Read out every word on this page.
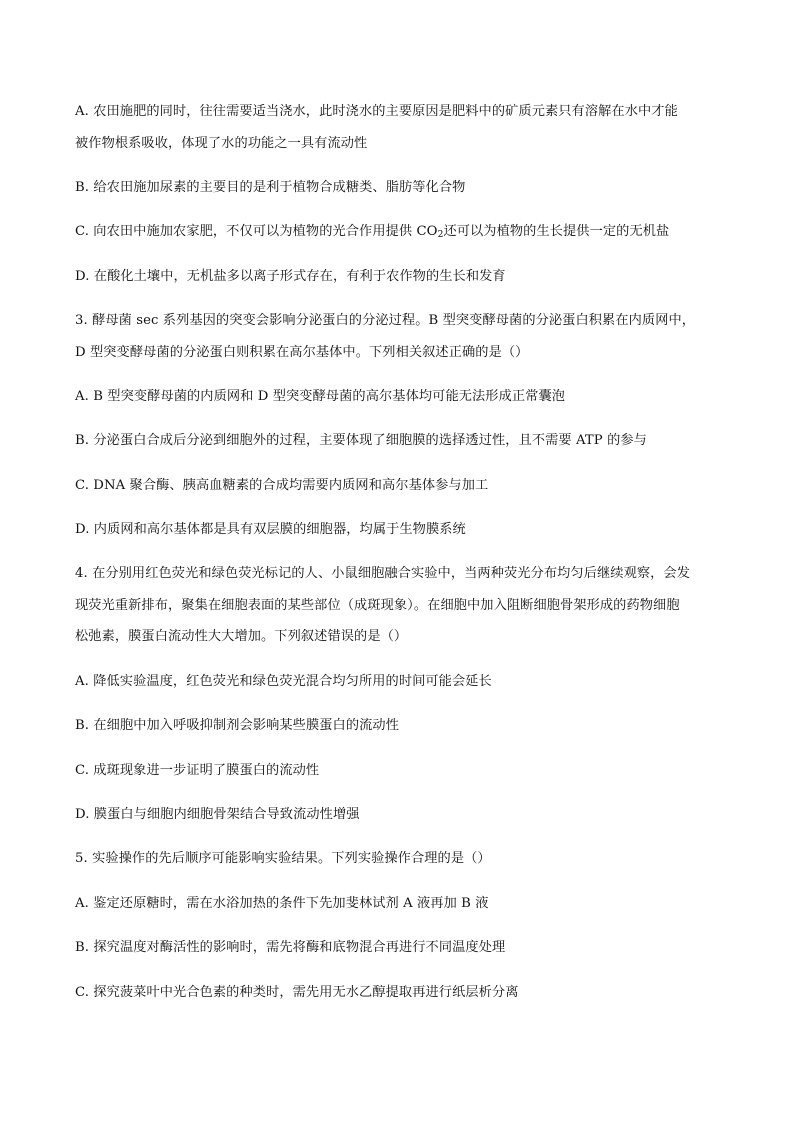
A. 农田施肥的同时，往往需要适当浇水，此时浇水的主要原因是肥料中的矿质元素只有溶解在水中才能
被作物根系吸收，体现了水的功能之一具有流动性
B. 给农田施加尿素的主要目的是利于植物合成糖类、脂肪等化合物
C. 向农田中施加农家肥，不仅可以为植物的光合作用提供 $CO_2$还可以为植物的生长提供一定的无机盐
D. 在酸化土壤中，无机盐多以离子形式存在，有利于农作物的生长和发育
3. 酵母菌 sec 系列基因的突变会影响分泌蛋白的分泌过程。B 型突变酵母菌的分泌蛋白积累在内质网中，
D 型突变酵母菌的分泌蛋白则积累在高尔基体中。下列相关叙述正确的是（）
A. B 型突变酵母菌的内质网和 D 型突变酵母菌的高尔基体均可能无法形成正常囊泡
B. 分泌蛋白合成后分泌到细胞外的过程，主要体现了细胞膜的选择透过性，且不需要 ATP 的参与
C. DNA 聚合酶、胰高血糖素的合成均需要内质网和高尔基体参与加工
D. 内质网和高尔基体都是具有双层膜的细胞器，均属于生物膜系统
4. 在分别用红色荧光和绿色荧光标记的人、小鼠细胞融合实验中，当两种荧光分布均匀后继续观察，会发
现荧光重新排布，聚集在细胞表面的某些部位（成斑现象）。在细胞中加入阻断细胞骨架形成的药物细胞
松弛素，膜蛋白流动性大大增加。下列叙述错误的是（）
A. 降低实验温度，红色荧光和绿色荧光混合均匀所用的时间可能会延长
B. 在细胞中加入呼吸抑制剂会影响某些膜蛋白的流动性
C. 成斑现象进一步证明了膜蛋白的流动性
D. 膜蛋白与细胞内细胞骨架结合导致流动性增强
5. 实验操作的先后顺序可能影响实验结果。下列实验操作合理的是（）
A. 鉴定还原糖时，需在水浴加热的条件下先加斐林试剂 A 液再加 B 液
B. 探究温度对酶活性的影响时，需先将酶和底物混合再进行不同温度处理
C. 探究菠菜叶中光合色素的种类时，需先用无水乙醇提取再进行纸层析分离
